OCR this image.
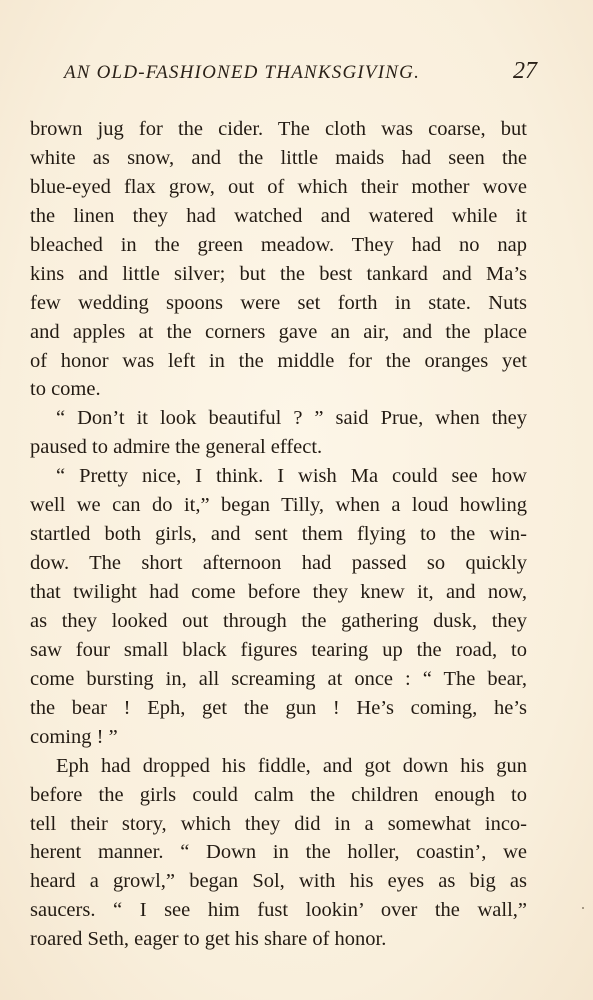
AN OLD-FASHIONED THANKSGIVING.	27
brown jug for the cider. The cloth was coarse, but
white as snow, and the little maids had seen the
blue-eyed flax grow, out of which their mother wove
the linen they had watched and watered while it
bleached in the green meadow. They had no nap
kins and little silver; but the best tankard and Ma’s
few wedding spoons were set forth in state. Nuts
and apples at the corners gave an air, and the place
of honor was left in the middle for the oranges yet
to come.
“ Don’t it look beautiful ? ” said Prue, when they
paused to admire the general effect.
“ Pretty nice, I think. I wish Ma could see how
well we can do it,” began Tilly, when a loud howling
startled both girls, and sent them flying to the win-
dow. The short afternoon had passed so quickly
that twilight had come before they knew it, and now,
as they looked out through the gathering dusk, they
saw four small black figures tearing up the road, to
come bursting in, all screaming at once : “ The bear,
the bear ! Eph, get the gun ! He’s coming, he’s
coming ! ”
Eph had dropped his fiddle, and got down his gun
before the girls could calm the children enough to
tell their story, which they did in a somewhat inco-
herent manner. “ Down in the holler, coastin’, we
heard a growl,” began Sol, with his eyes as big as
saucers. “ I see him fust lookin’ over the wall,”
roared Seth, eager to get his share of honor.
